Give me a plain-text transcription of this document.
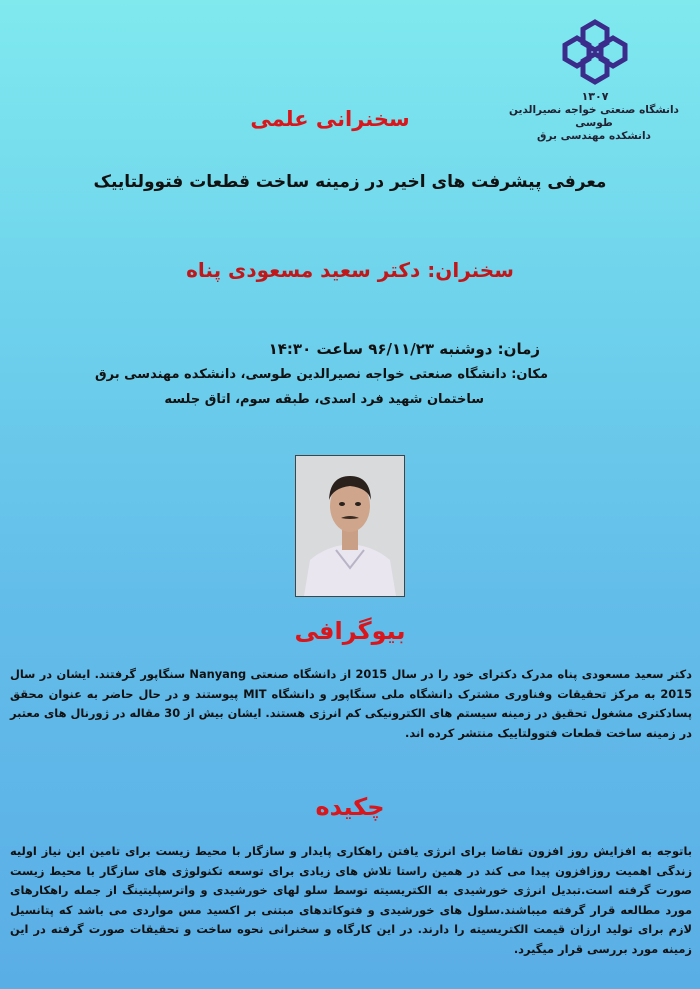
۱۳۰۷
دانشگاه صنعتی خواجه نصیرالدین طوسی
دانشکده مهندسی برق
سخنرانی علمی
معرفی پیشرفت های اخیر در زمینه ساخت قطعات فتوولتاییک
سخنران: دکتر سعید مسعودی پناه
زمان: دوشنبه ۹۶/۱۱/۲۳ ساعت ۱۴:۳۰
مکان: دانشگاه صنعتی خواجه نصیرالدین طوسی، دانشکده مهندسی برق
ساختمان شهید فرد اسدی، طبقه سوم، اتاق جلسه
بیوگرافی
دکتر سعید مسعودی پناه مدرک دکترای خود را در سال 2015 از دانشگاه صنعتی Nanyang سنگاپور گرفتند. ایشان در سال 2015 به مرکز تحقیقات وفناوری مشترک دانشگاه ملی سنگاپور و دانشگاه MIT پیوستند و در حال حاضر به عنوان محقق پسادکتری مشغول تحقیق در زمینه سیستم های الکترونیکی کم انرژی هستند. ایشان بیش از 30 مقاله در ژورنال های معتبر در زمینه ساخت قطعات فتوولتاییک منتشر کرده اند.
چکیده
باتوجه به افزایش روز افزون تقاضا برای انرژی یافتن راهکاری پایدار و سازگار با محیط زیست برای تامین این نیاز اولیه زندگی اهمیت روزافزون پیدا می کند در همین راستا تلاش های زیادی برای توسعه تکنولوژی های سازگار با محیط زیست صورت گرفته است.تبدیل انرژی خورشیدی به الکتریسیته توسط سلو لهای خورشیدی و واترسپلیتینگ از جمله راهکارهای مورد مطالعه قرار گرفته میباشند.سلول های خورشیدی و فتوکاتدهای مبتنی بر اکسید مس مواردی می باشد که پتانسیل لازم برای تولید ارزان قیمت الکتریسیته را دارند. در این کارگاه و سخنرانی نحوه ساخت و تحقیقات صورت گرفته در این زمینه مورد بررسی قرار میگیرد.
